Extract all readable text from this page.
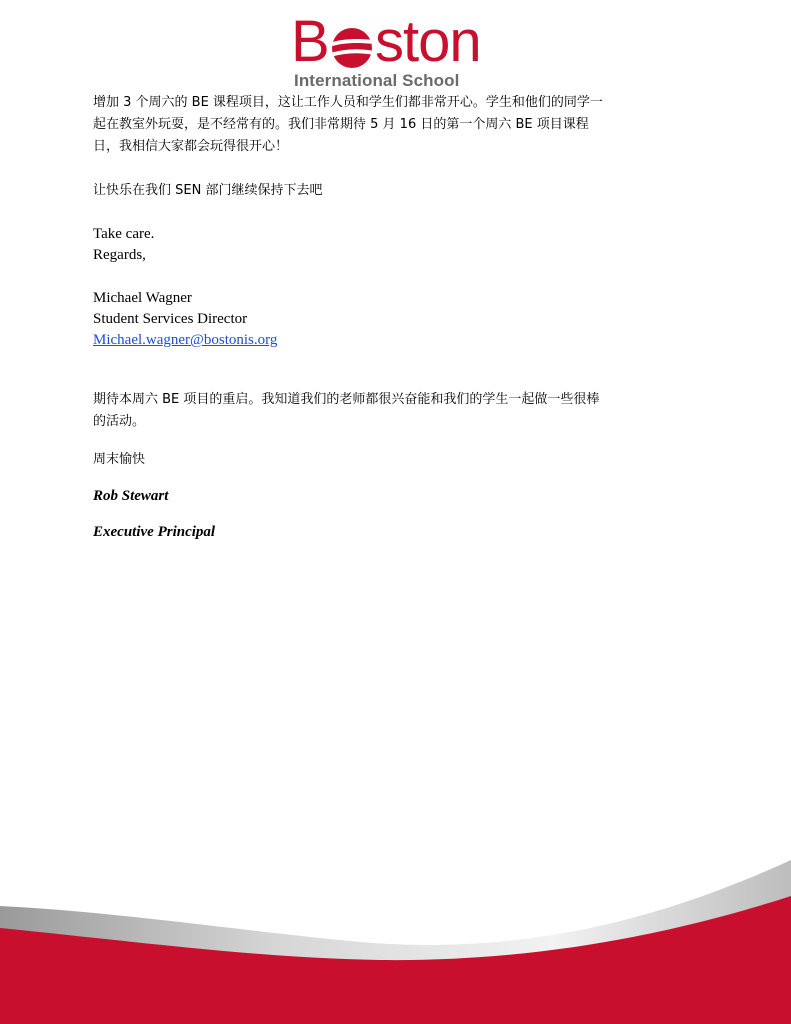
B ston
International School

增加 3 个周六的 BE 课程项目，这让工作人员和学生们都非常开心。学生和他们的同学一

起在教室外玩耍，是不经常有的。我们非常期待 5 月 16 日的第一个周六 BE 项目课程

日，我相信大家都会玩得很开心！

让快乐在我们 SEN 部门继续保持下去吧

Take care.

Regards,

Michael Wagner

Student Services Director

Michael.wagner@bostonis.org

期待本周六 BE 项目的重启。我知道我们的老师都很兴奋能和我们的学生一起做一些很棒

的活动。

周末愉快

Rob Stewart

Executive Principal
